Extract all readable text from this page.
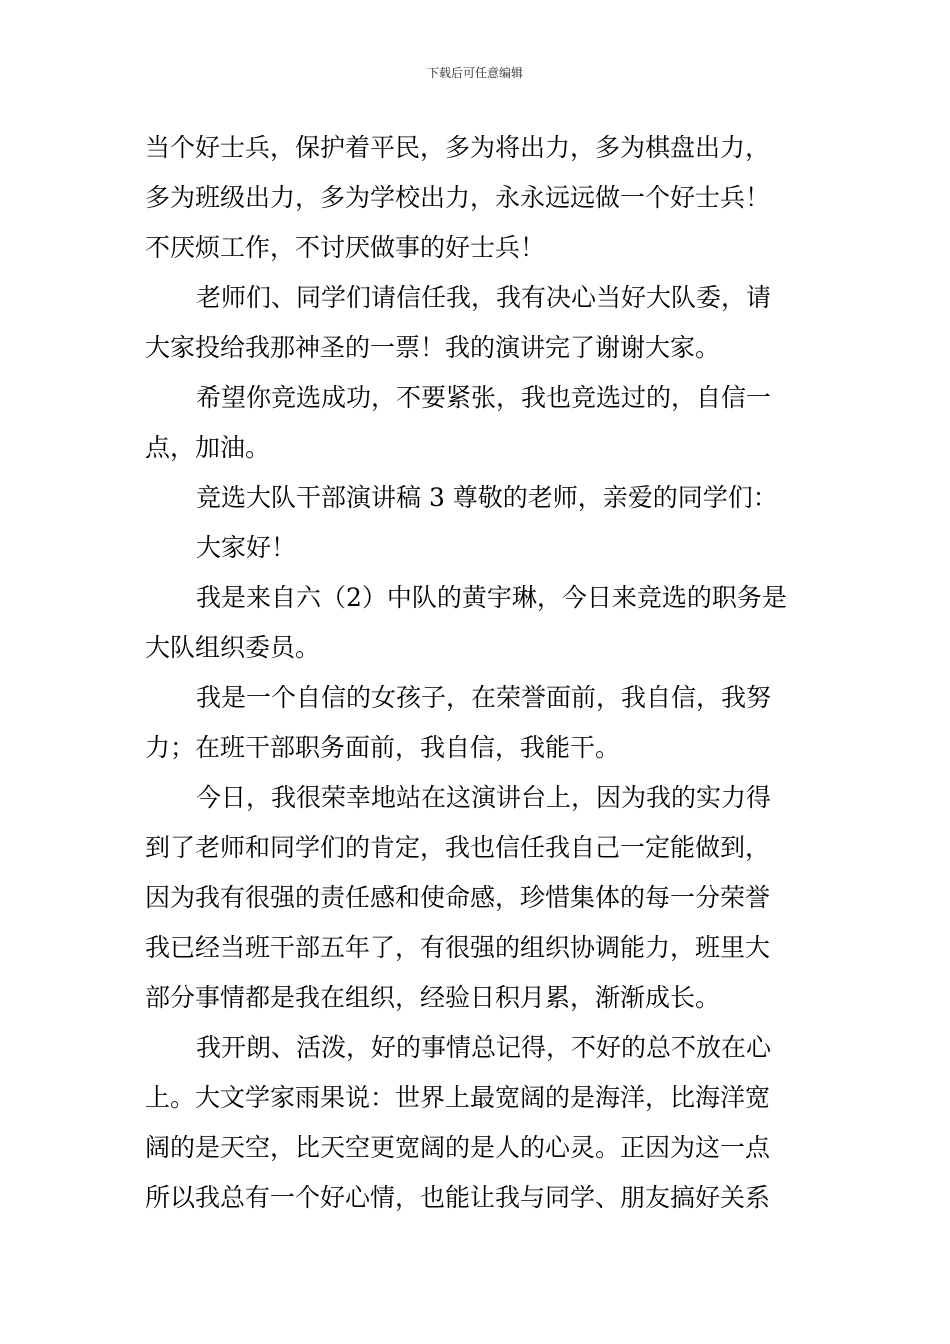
下载后可任意编辑
当个好士兵，保护着平民，多为将出力，多为棋盘出力，
多为班级出力，多为学校出力，永永远远做一个好士兵！
不厌烦工作，不讨厌做事的好士兵！
老师们、同学们请信任我，我有决心当好大队委，请
大家投给我那神圣的一票！我的演讲完了谢谢大家。
希望你竞选成功，不要紧张，我也竞选过的，自信一
点，加油。
竞选大队干部演讲稿 3 尊敬的老师，亲爱的同学们：
大家好！
我是来自六（2）中队的黄宇琳，今日来竞选的职务是
大队组织委员。
我是一个自信的女孩子，在荣誉面前，我自信，我努
力；在班干部职务面前，我自信，我能干。
今日，我很荣幸地站在这演讲台上，因为我的实力得
到了老师和同学们的肯定，我也信任我自己一定能做到，
因为我有很强的责任感和使命感，珍惜集体的每一分荣誉
我已经当班干部五年了，有很强的组织协调能力，班里大
部分事情都是我在组织，经验日积月累，渐渐成长。
我开朗、活泼，好的事情总记得，不好的总不放在心
上。大文学家雨果说：世界上最宽阔的是海洋，比海洋宽
阔的是天空，比天空更宽阔的是人的心灵。正因为这一点
所以我总有一个好心情，也能让我与同学、朋友搞好关系
